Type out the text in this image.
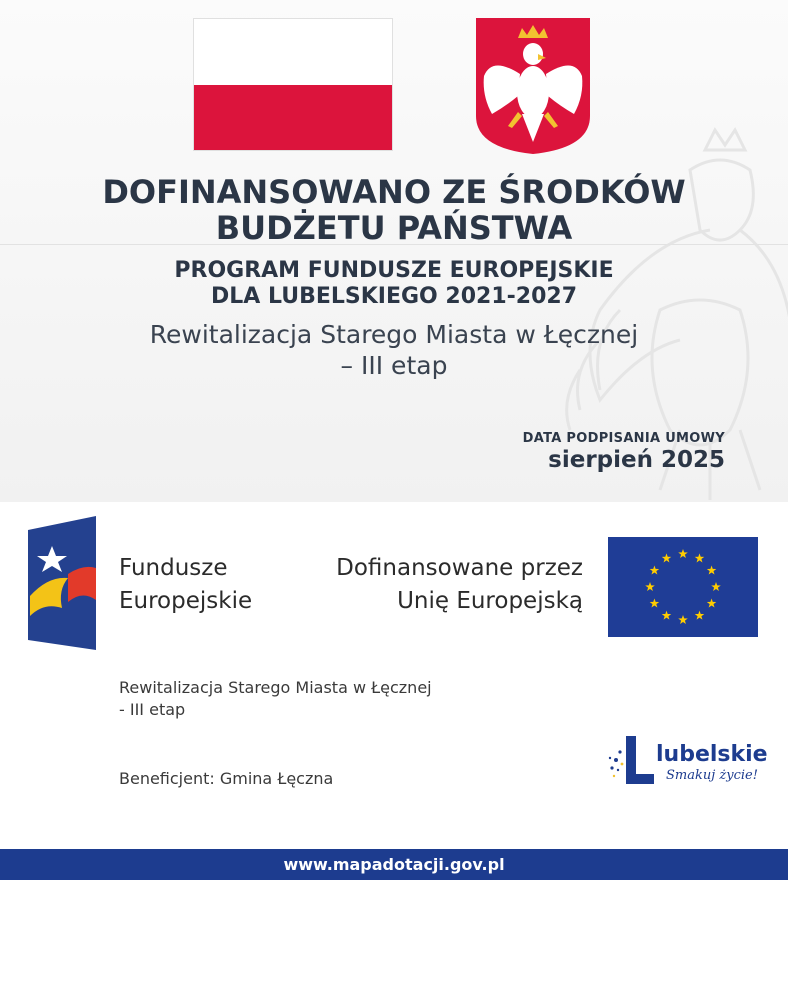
DOFINANSOWANO ZE ŚRODKÓW
BUDŻETU PAŃSTWA
PROGRAM FUNDUSZE EUROPEJSKIE
DLA LUBELSKIEGO 2021-2027
Rewitalizacja Starego Miasta w Łęcznej
– III etap
DATA PODPISANIA UMOWY
sierpień 2025
Fundusze
Europejskie
Dofinansowane przez
Unię Europejską
Rewitalizacja Starego Miasta w Łęcznej
- III etap
Beneficjent: Gmina Łęczna
lubelskie
Smakuj życie!
www.mapadotacji.gov.pl
